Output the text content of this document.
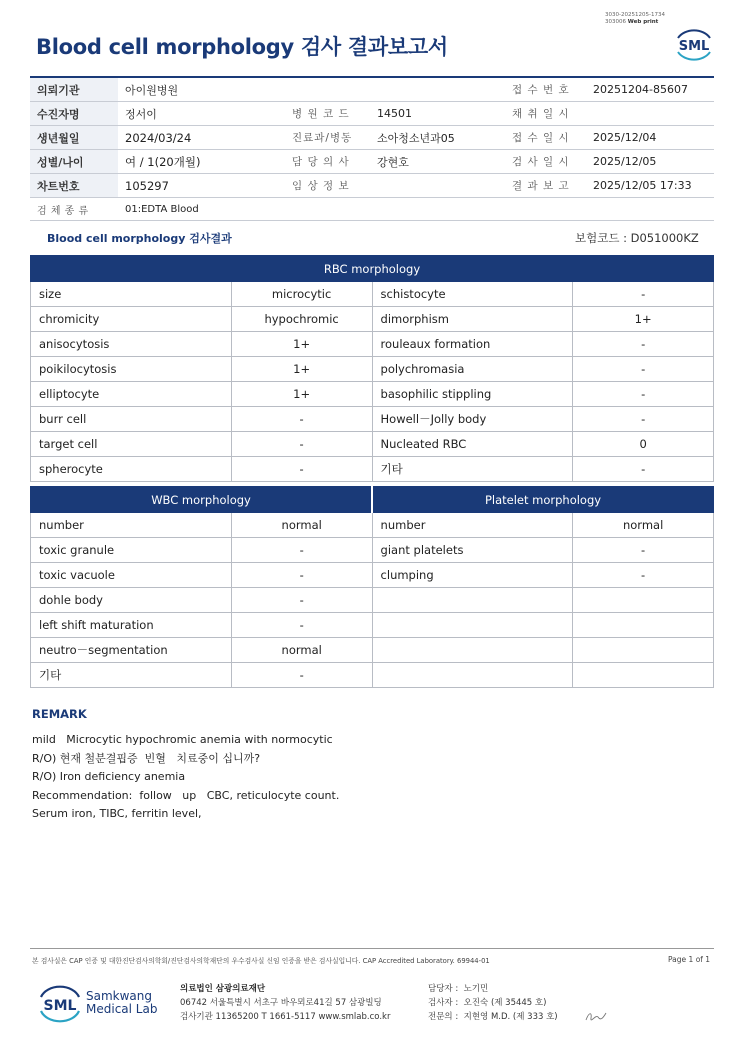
3030-20251205-1734
303006 Web print
Blood cell morphology 검사 결과보고서	SML
의뢰기관	아이원병원			접 수 번 호	20251204-85607
수진자명	정서이	병 원 코 드	14501	채 취 일 시	
생년월일	2024/03/24	진료과/병동	소아청소년과05	접 수 일 시	2025/12/04
성별/나이	여 / 1(20개월)	담 당 의 사	강현호	검 사 일 시	2025/12/05
차트번호	105297	임 상 정 보		결 과 보 고	2025/12/05 17:33
검 체 종 류	01:EDTA Blood				
Blood cell morphology 검사결과	보험코드 : D051000KZ
RBC morphology			
size	microcytic	schistocyte	-
chromicity	hypochromic	dimorphism	1+
anisocytosis	1+	rouleaux formation	-
poikilocytosis	1+	polychromasia	-
elliptocyte	1+	basophilic stippling	-
burr cell	-	Howell－Jolly body	-
target cell	-	Nucleated RBC	0
spherocyte	-	기타	-
WBC morphology		Platelet morphology	
number	normal	number	normal
toxic granule	-	giant platelets	-
toxic vacuole	-	clumping	-
dohle body	-		
left shift maturation	-		
neutro－segmentation	normal		
기타	-		
REMARK
mild   Microcytic hypochromic anemia with normocytic
R/O) 현재 철분결핍증  빈혈   치료중이 십니까?
R/O) Iron deficiency anemia
Recommendation:  follow   up   CBC, reticulocyte count.
Serum iron, TIBC, ferritin level,
본 검사실은 CAP 인증 및 대한진단검사의학회/진단검사의학재단의 우수검사실 신임 인증을 받은 검사실입니다. CAP Accredited Laboratory. 69944-01	Page 1 of 1
SML
Samkwang
Medical Lab
의료법인 삼광의료재단
06742 서울특별시 서초구 바우뫼로41길 57 삼광빌딩
검사기관 11365200 T 1661-5117 www.smlab.co.kr
담당자 : 노기민
검사자 : 오진숙 (제 35445 호)
전문의 : 지현영 M.D. (제 333 호)
